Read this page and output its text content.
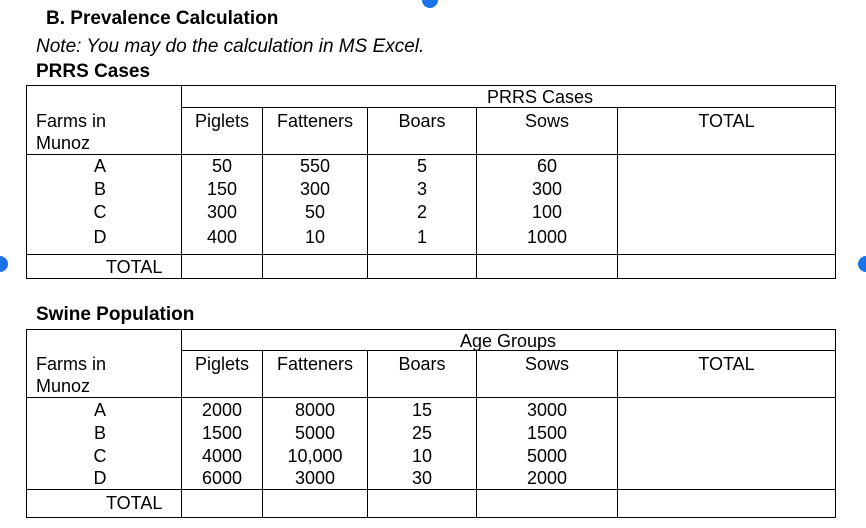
B. Prevalence Calculation
Note: You may do the calculation in MS Excel.
PRRS Cases
PRRS Cases
Farms in
Munoz
Piglets	Fatteners	Boars	Sows	TOTAL
A	50	550	5	60
B	150	300	3	300
C	300	50	2	100
D	400	10	1	1000
TOTAL
Swine Population
Age Groups
Farms in
Munoz
Piglets	Fatteners	Boars	Sows	TOTAL
A	2000	8000	15	3000
B	1500	5000	25	1500
C	4000	10,000	10	5000
D	6000	3000	30	2000
TOTAL
